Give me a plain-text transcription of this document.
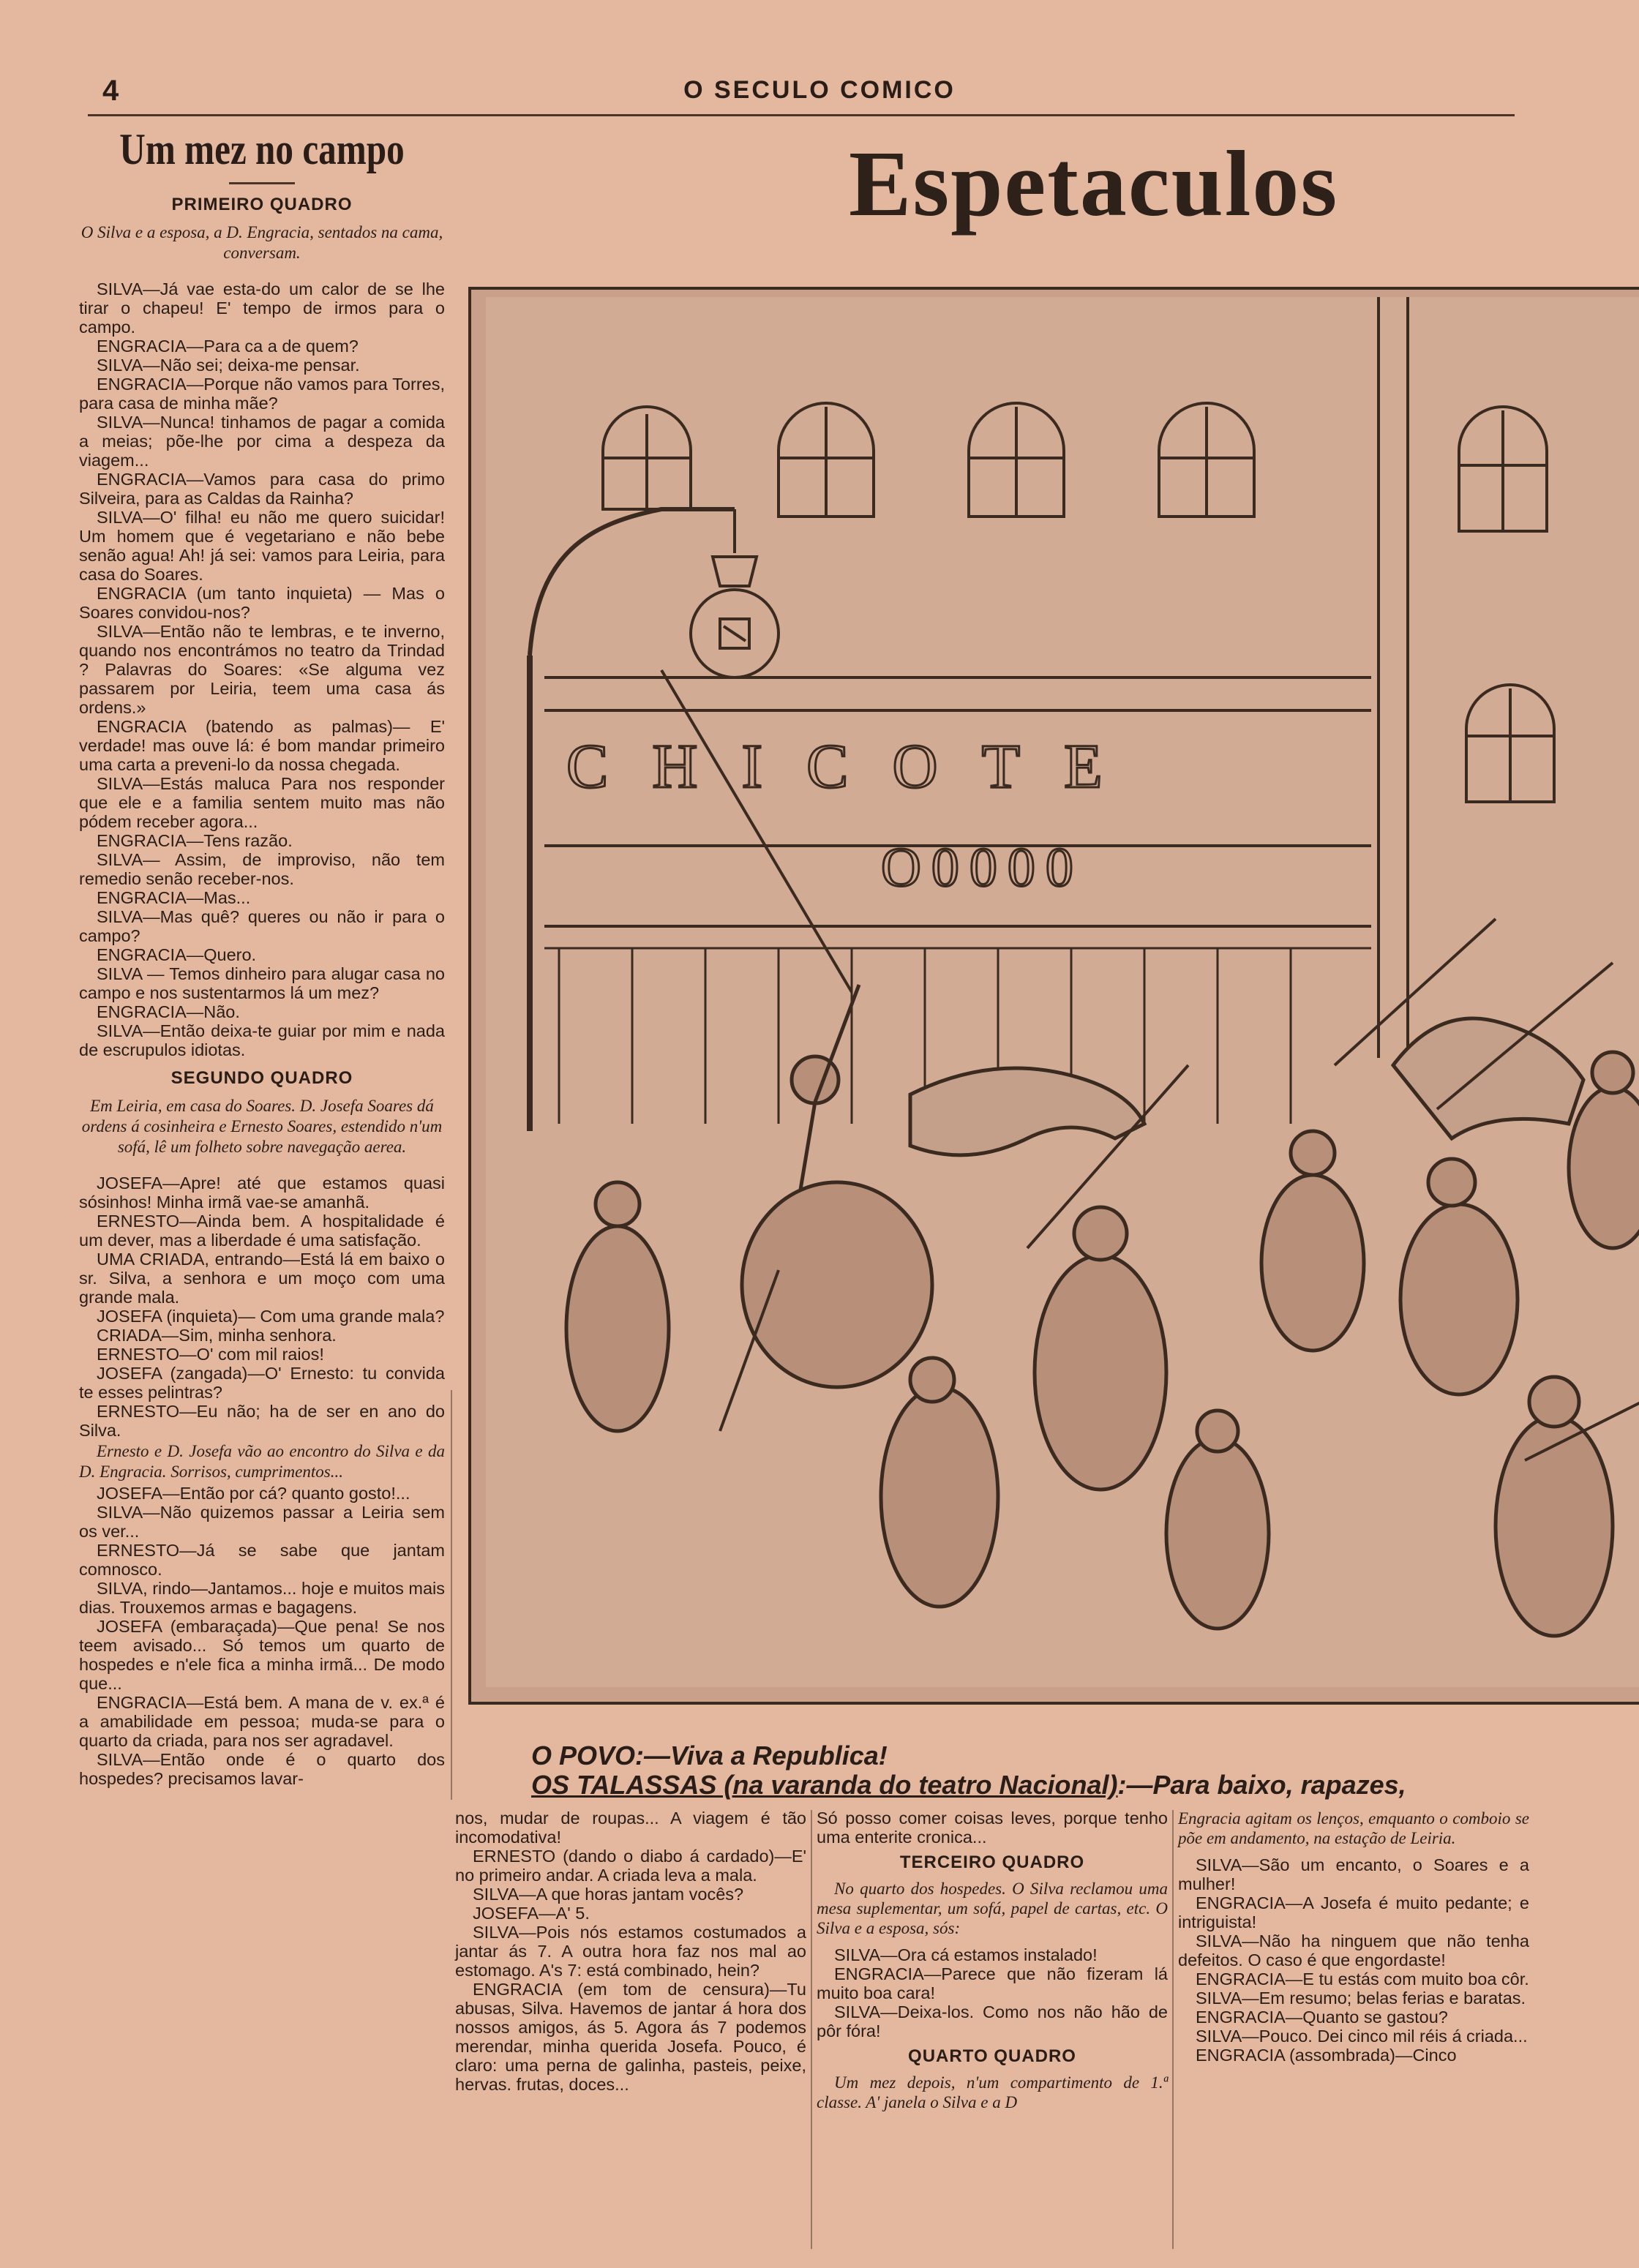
4	O SECULO COMICO
Espetaculos
Um mez no campo
PRIMEIRO QUADRO
O Silva e a esposa, a D. Engracia, sentados na cama, conversam.

SILVA—Já vae esta-do um calor de se lhe tirar o chapeu! E' tempo de irmos para o campo.

ENGRACIA—Para ca a de quem?

SILVA—Não sei; deixa-me pensar.

ENGRACIA—Porque não vamos para Torres, para casa de minha mãe?

SILVA—Nunca! tinhamos de pagar a comida a meias; põe-lhe por cima a despeza da viagem...

ENGRACIA—Vamos para casa do primo Silveira, para as Caldas da Rainha?

SILVA—O' filha! eu não me quero suicidar! Um homem que é vegetariano e não bebe senão agua! Ah! já sei: vamos para Leiria, para casa do Soares.

ENGRACIA (um tanto inquieta) — Mas o Soares convidou-nos?

SILVA—Então não te lembras, e te inverno, quando nos encontrámos no teatro da Trindad ? Palavras do Soares: «Se alguma vez passarem por Leiria, teem uma casa ás ordens.»

ENGRACIA (batendo as palmas)— E' verdade! mas ouve lá: é bom mandar primeiro uma carta a preveni-lo da nossa chegada.

SILVA—Estás maluca Para nos responder que ele e a familia sentem muito mas não pódem receber agora...

ENGRACIA—Tens razão.

SILVA— Assim, de improviso, não tem remedio senão receber-nos.

ENGRACIA—Mas...

SILVA—Mas quê? queres ou não ir para o campo?

ENGRACIA—Quero.

SILVA — Temos dinheiro para alugar casa no campo e nos sustentarmos lá um mez?

ENGRACIA—Não.

SILVA—Então deixa-te guiar por mim e nada de escrupulos idiotas.

SEGUNDO QUADRO
Em Leiria, em casa do Soares. D. Josefa Soares dá ordens á cosinheira e Ernesto Soares, estendido n'um sofá, lê um folheto sobre navegação aerea.

JOSEFA—Apre! até que estamos quasi sósinhos! Minha irmã vae-se amanhã.

ERNESTO—Ainda bem. A hospitalidade é um dever, mas a liberdade é uma satisfação.

UMA CRIADA, entrando—Está lá em baixo o sr. Silva, a senhora e um moço com uma grande mala.

JOSEFA (inquieta)— Com uma grande mala?

CRIADA—Sim, minha senhora.

ERNESTO—O' com mil raios!

JOSEFA (zangada)—O' Ernesto: tu convida te esses pelintras?

ERNESTO—Eu não; ha de ser en ano do Silva.

Ernesto e D. Josefa vão ao encontro do Silva e da D. Engracia. Sorrisos, cumprimentos...

JOSEFA—Então por cá? quanto gosto!...

SILVA—Não quizemos passar a Leiria sem os ver...

ERNESTO—Já se sabe que jantam comnosco.

SILVA, rindo—Jantamos... hoje e muitos mais dias. Trouxemos armas e bagagens.

JOSEFA (embaraçada)—Que pena! Se nos teem avisado... Só temos um quarto de hospedes e n'ele fica a minha irmã... De modo que...

ENGRACIA—Está bem. A mana de v. ex.ª é a amabilidade em pessoa; muda-se para o quarto da criada, para nos ser agradavel.

SILVA—Então onde é o quarto dos hospedes? precisamos lavar-

CHICOTE
O0000
O POVO:—Viva a Republica!
OS TALASSAS (na varanda do teatro Nacional):—Para baixo, rapazes,

nos, mudar de roupas... A viagem é tão incomodativa!

ERNESTO (dando o diabo á cardado)—E' no primeiro andar. A criada leva a mala.

SILVA—A que horas jantam vocês?

JOSEFA—A' 5.

SILVA—Pois nós estamos costumados a jantar ás 7. A outra hora faz nos mal ao estomago. A's 7: está combinado, hein?

ENGRACIA (em tom de censura)—Tu abusas, Silva. Havemos de jantar á hora dos nossos amigos, ás 5. Agora ás 7 podemos merendar, minha querida Josefa. Pouco, é claro: uma perna de galinha, pasteis, peixe, hervas. frutas, doces...

Só posso comer coisas leves, porque tenho uma enterite cronica...

TERCEIRO QUADRO
No quarto dos hospedes. O Silva reclamou uma mesa suplementar, um sofá, papel de cartas, etc. O Silva e a esposa, sós:

SILVA—Ora cá estamos instalado!

ENGRACIA—Parece que não fizeram lá muito boa cara!

SILVA—Deixa-los. Como nos não hão de pôr fóra!

QUARTO QUADRO
Um mez depois, n'um compartimento de 1.ª classe. A' janela o Silva e a D
Engracia agitam os lenços, emquanto o comboio se põe em andamento, na estação de Leiria.

SILVA—São um encanto, o Soares e a mulher!

ENGRACIA—A Josefa é muito pedante; e intriguista!

SILVA—Não ha ninguem que não tenha defeitos. O caso é que engordaste!

ENGRACIA—E tu estás com muito boa côr.

SILVA—Em resumo; belas ferias e baratas.

ENGRACIA—Quanto se gastou?

SILVA—Pouco. Dei cinco mil réis á criada...

ENGRACIA (assombrada)—Cinco
